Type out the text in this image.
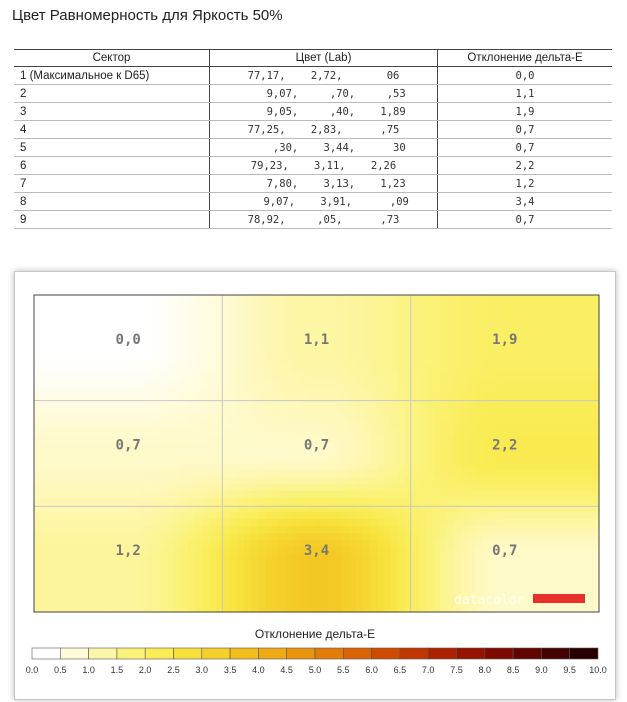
Цвет Равномерность для Яркость 50%
Сектор	Цвет (Lab)	Отклонение дельта-Е
1 (Максимальное к D65)	77,17,    2,72,       06	0,0
2	9,07,     ,70,     ,53	1,1
3	9,05,     ,40,    1,89	1,9
4	77,25,    2,83,      ,75	0,7
5	,30,    3,44,      30	0,7
6	79,23,    3,11,    2,26	2,2
7	7,80,    3,13,    1,23	1,2
8	9,07,    3,91,      ,09	3,4
9	78,92,     ,05,      ,73	0,7
0,0	1,1	1,9
0,7	0,7	2,2
1,2	3,4	0,7
datacolor
Отклонение дельта-Е
0.0	0.5	1.0	1.5	2.0	2.5	3.0	3.5	4.0	4.5	5.0	5.5	6.0	6.5	7.0	7.5	8.0	8.5	9.0	9.5	10.0
